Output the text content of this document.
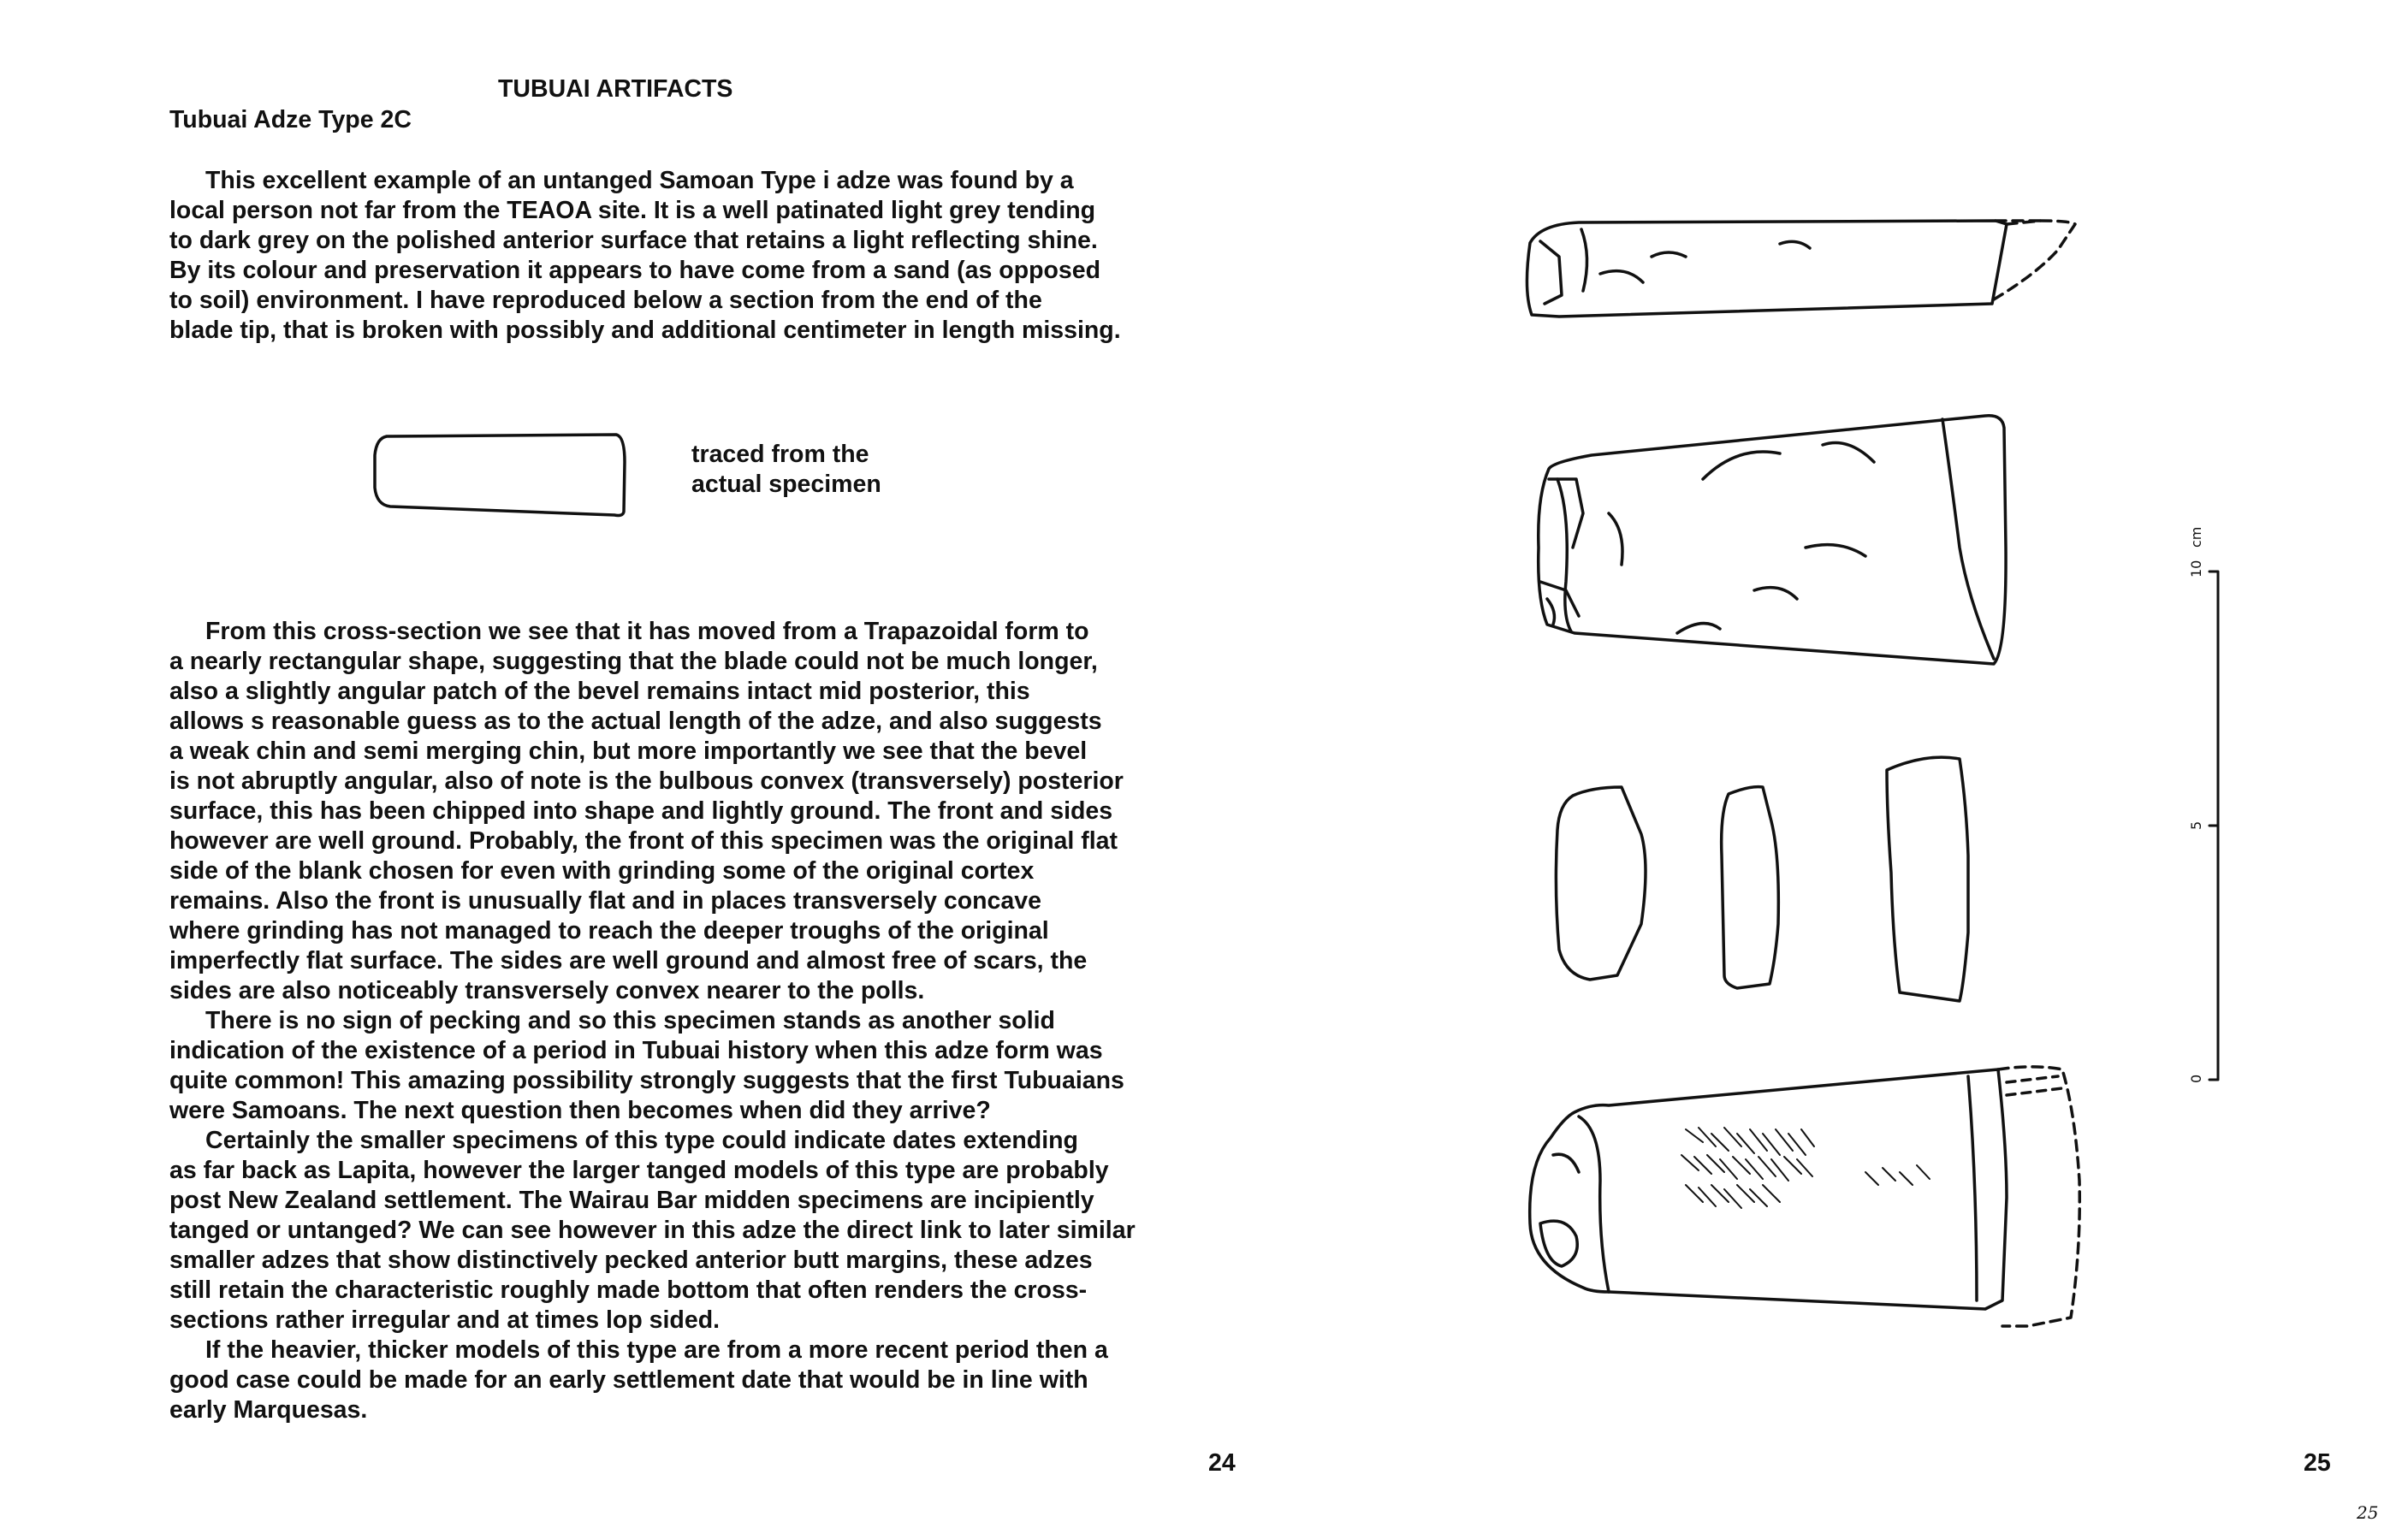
TUBUAI ARTIFACTS
Tubuai Adze Type 2C
This excellent example of an untanged Samoan Type i adze was found by a
local person not far from the TEAOA site. It is a well patinated light grey tending
to dark grey on the polished anterior surface that retains a light reflecting shine.
By its colour and preservation it appears to have come from a sand (as opposed
to soil) environment. I have reproduced below a section from the end of the
blade tip, that is broken with possibly and additional centimeter in length missing.
traced from the
actual specimen
From this cross-section we see that it has moved from a Trapazoidal form to
a nearly rectangular shape, suggesting that the blade could not be much longer,
also a slightly angular patch of the bevel remains intact mid posterior, this
allows s reasonable guess as to the actual length of the adze, and also suggests
a weak chin and semi merging chin, but more importantly we see that the bevel
is not abruptly angular, also of note is the bulbous convex (transversely) posterior
surface, this has been chipped into shape and lightly ground. The front and sides
however are well ground. Probably, the front of this specimen was the original flat
side of the blank chosen for even with grinding some of the original cortex
remains. Also the front is unusually flat and in places transversely concave
where grinding has not managed to reach the deeper troughs of the original
imperfectly flat surface. The sides are well ground and almost free of scars, the
sides are also noticeably transversely convex nearer to the polls.
There is no sign of pecking and so this specimen stands as another solid
indication of the existence of a period in Tubuai history when this adze form was
quite common! This amazing possibility strongly suggests that the first Tubuaians
were Samoans. The next question then becomes when did they arrive?
Certainly the smaller specimens of this type could indicate dates extending
as far back as Lapita, however the larger tanged models of this type are probably
post New Zealand settlement. The Wairau Bar midden specimens are incipiently
tanged or untanged? We can see however in this adze the direct link to later similar
smaller adzes that show distinctively pecked anterior butt margins, these adzes
still retain the characteristic roughly made bottom that often renders the cross-
sections rather irregular and at times lop sided.
If the heavier, thicker models of this type are from a more recent period then a
good case could be made for an early settlement date that would be in line with
early Marquesas.
24	25
25
cm
10
5
0
